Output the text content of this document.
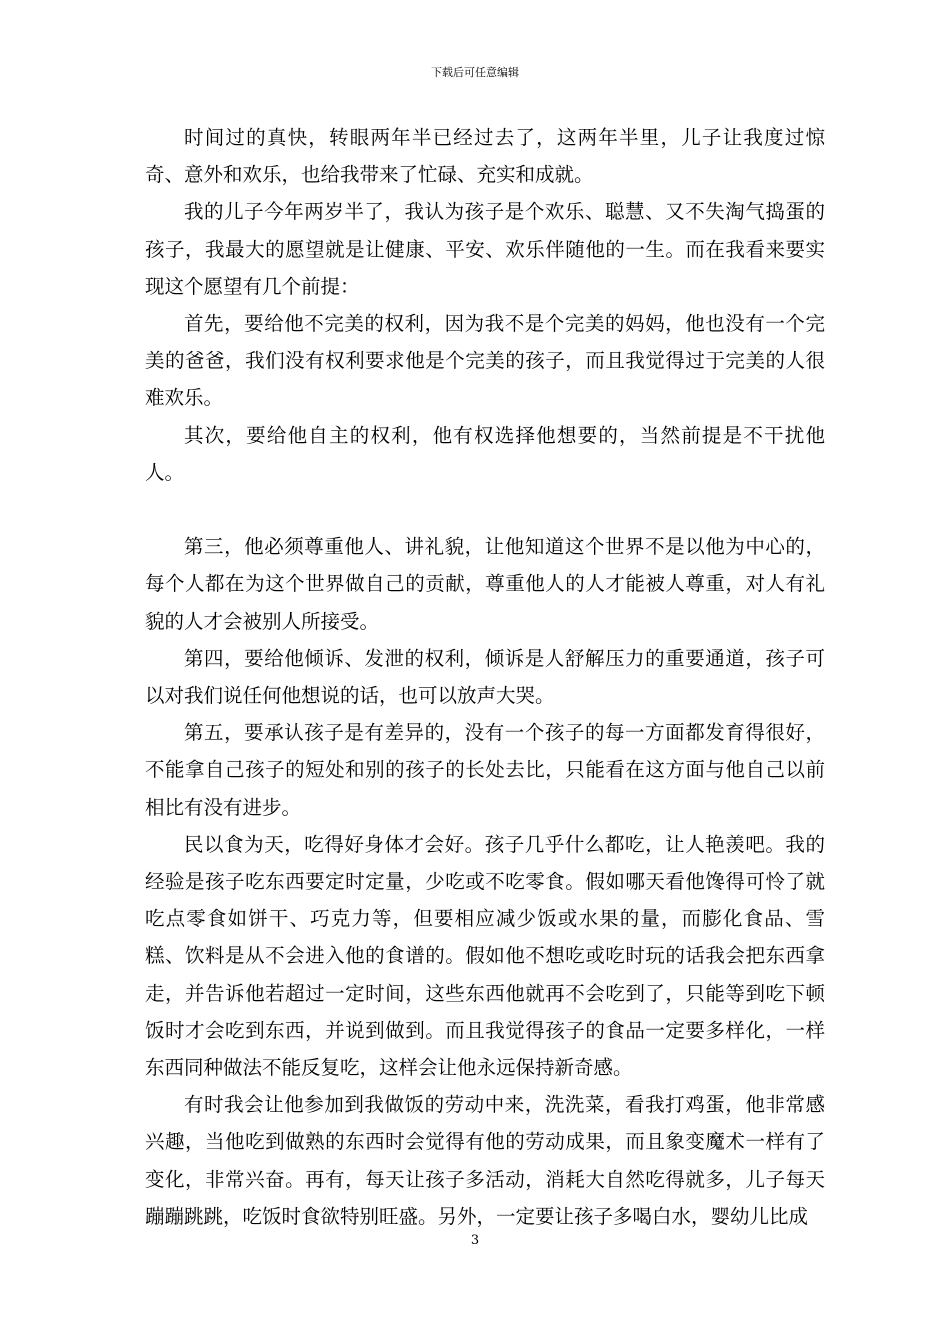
下载后可任意编辑

时间过的真快，转眼两年半已经过去了，这两年半里，儿子让我度过惊奇、意外和欢乐，也给我带来了忙碌、充实和成就。

我的儿子今年两岁半了，我认为孩子是个欢乐、聪慧、又不失淘气捣蛋的孩子，我最大的愿望就是让健康、平安、欢乐伴随他的一生。而在我看来要实现这个愿望有几个前提：

首先，要给他不完美的权利，因为我不是个完美的妈妈，他也没有一个完美的爸爸，我们没有权利要求他是个完美的孩子，而且我觉得过于完美的人很难欢乐。

其次，要给他自主的权利，他有权选择他想要的，当然前提是不干扰他人。

第三，他必须尊重他人、讲礼貌，让他知道这个世界不是以他为中心的，每个人都在为这个世界做自己的贡献，尊重他人的人才能被人尊重，对人有礼貌的人才会被别人所接受。

第四，要给他倾诉、发泄的权利，倾诉是人舒解压力的重要通道，孩子可以对我们说任何他想说的话，也可以放声大哭。

第五，要承认孩子是有差异的，没有一个孩子的每一方面都发育得很好，不能拿自己孩子的短处和别的孩子的长处去比，只能看在这方面与他自己以前相比有没有进步。

民以食为天，吃得好身体才会好。孩子几乎什么都吃，让人艳羡吧。我的经验是孩子吃东西要定时定量，少吃或不吃零食。假如哪天看他馋得可怜了就吃点零食如饼干、巧克力等，但要相应减少饭或水果的量，而膨化食品、雪糕、饮料是从不会进入他的食谱的。假如他不想吃或吃时玩的话我会把东西拿走，并告诉他若超过一定时间，这些东西他就再不会吃到了，只能等到吃下顿饭时才会吃到东西，并说到做到。而且我觉得孩子的食品一定要多样化，一样东西同种做法不能反复吃，这样会让他永远保持新奇感。

有时我会让他参加到我做饭的劳动中来，洗洗菜，看我打鸡蛋，他非常感兴趣，当他吃到做熟的东西时会觉得有他的劳动成果，而且象变魔术一样有了变化，非常兴奋。再有，每天让孩子多活动，消耗大自然吃得就多，儿子每天蹦蹦跳跳，吃饭时食欲特别旺盛。另外，一定要让孩子多喝白水，婴幼儿比成

3
